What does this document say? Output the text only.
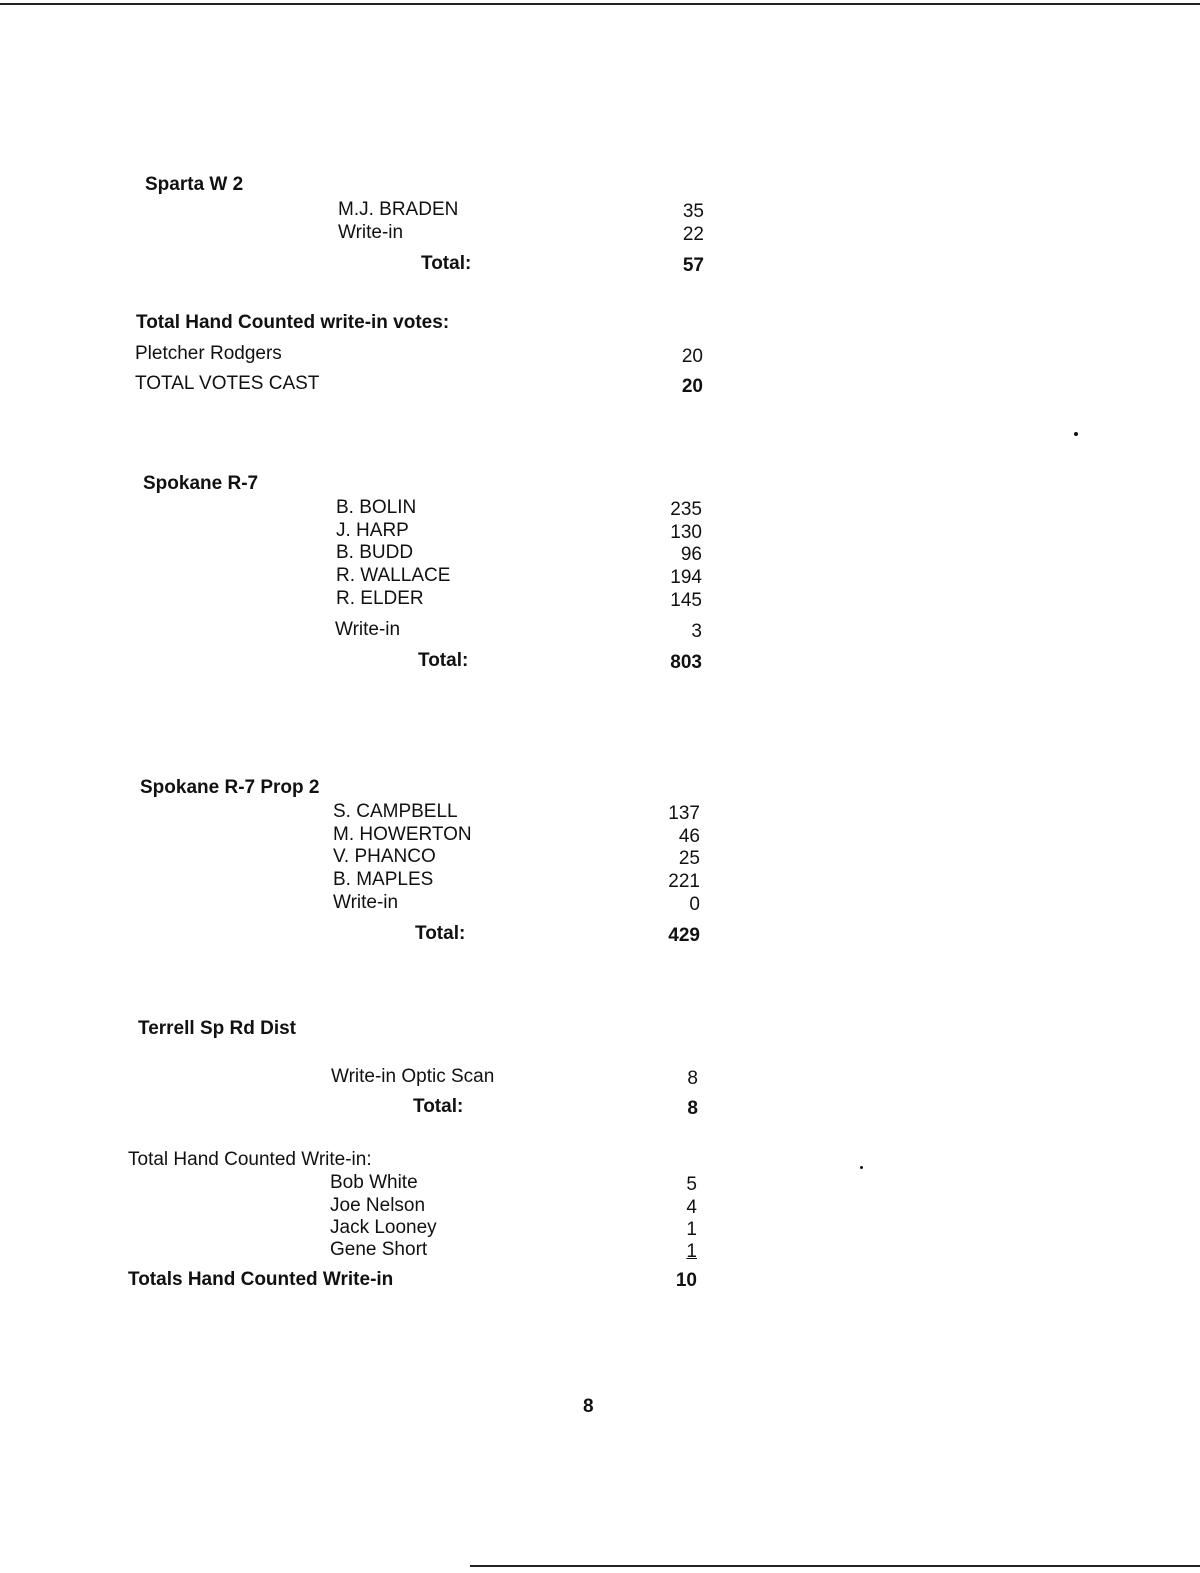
Sparta W 2
M.J. BRADEN	35
Write-in	22
Total:	57
Total Hand Counted write-in votes:
Pletcher Rodgers	20
TOTAL VOTES CAST	20
Spokane R-7
B. BOLIN	235
J. HARP	130
B. BUDD	96
R. WALLACE	194
R. ELDER	145
Write-in	3
Total:	803
Spokane R-7 Prop 2
S. CAMPBELL	137
M. HOWERTON	46
V. PHANCO	25
B. MAPLES	221
Write-in	0
Total:	429
Terrell Sp Rd Dist
Write-in Optic Scan	8
Total:	8
Total Hand Counted Write-in:
Bob White	5
Joe Nelson	4
Jack Looney	1
Gene Short	1
Totals Hand Counted Write-in	10
8
